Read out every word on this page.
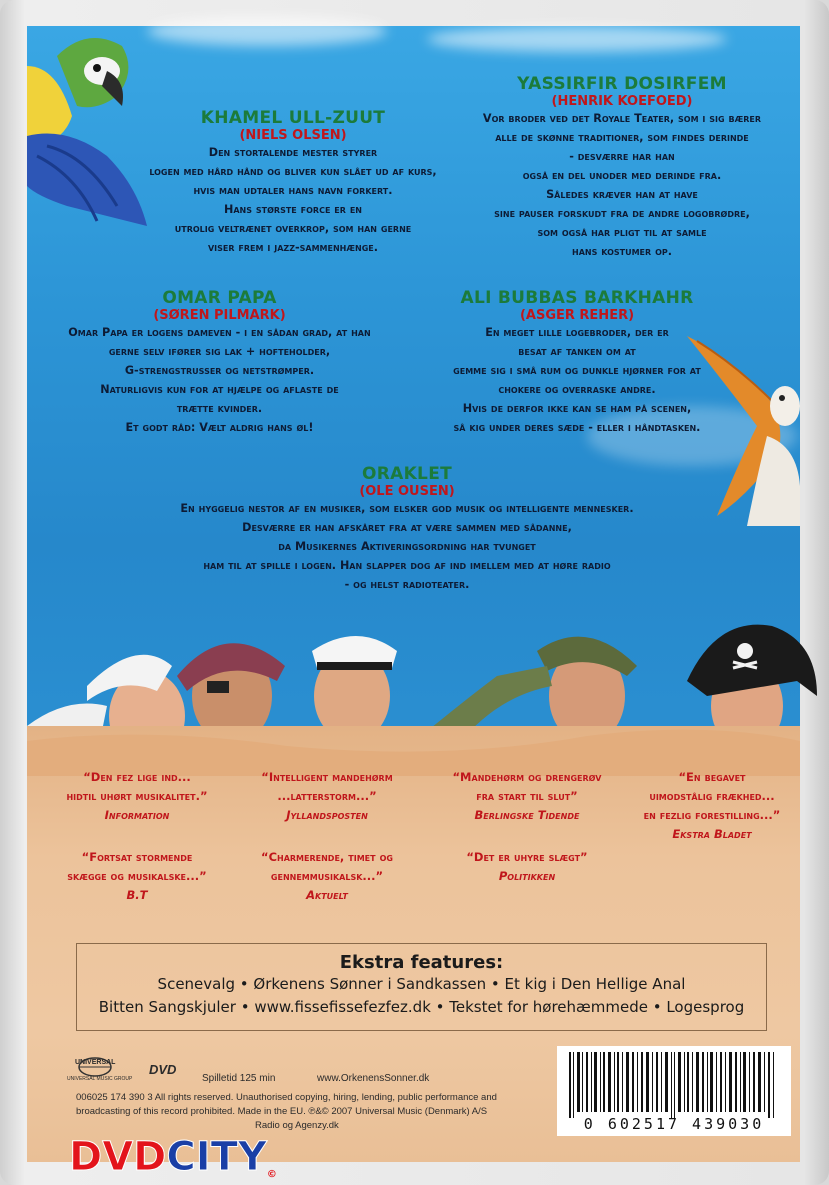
KHAMEL ULL-ZUUT
(NIELS OLSEN)
Den stortalende mester styrer
logen med hård hånd og bliver kun slået ud af kurs,
hvis man udtaler hans navn forkert.
Hans største force er en
utrolig veltrænet overkrop, som han gerne
viser frem i jazz-sammenhænge.
YASSIRFIR DOSIRFEM
(HENRIK KOEFOED)
Vor broder ved det Royale Teater, som i sig bærer
alle de skønne traditioner, som findes derinde
- desværre har han
også en del unoder med derinde fra.
Således kræver han at have
sine pauser forskudt fra de andre logobrødre,
som også har pligt til at samle
hans kostumer op.
OMAR PAPA
(SØREN PILMARK)
Omar Papa er logens dameven - i en sådan grad, at han
gerne selv ifører sig lak + hofteholder,
G-strengstrusser og netstrømper.
Naturligvis kun for at hjælpe og aflaste de
trætte kvinder.
Et godt råd: Vælt aldrig hans øl!
ALI BUBBAS BARKHAHR
(ASGER REHER)
En meget lille logebroder, der er
besat af tanken om at
gemme sig i små rum og dunkle hjørner for at
chokere og overraske andre.
Hvis de derfor ikke kan se ham på scenen,
så kig under deres sæde - eller i håndtasken.
ORAKLET
(OLE OUSEN)
En hyggelig nestor af en musiker, som elsker god musik og intelligente mennesker.
Desværre er han afskåret fra at være sammen med sådanne,
da Musikernes Aktiveringsordning har tvunget
ham til at spille i logen. Han slapper dog af ind imellem med at høre radio
- og helst radioteater.
“Den fez lige ind...
hidtil uhørt musikalitet.”
Information
“Intelligent mandehørm
...latterstorm...”
Jyllandsposten
“Mandehørm og drengerøv
fra start til slut”
Berlingske Tidende
“En begavet
uimodstålig frækhed...
en fezlig forestilling...”
Ekstra Bladet
“Fortsat stormende
skægge og musikalske...”
B.T
“Charmerende, timet og
gennemmusikalsk...”
Aktuelt
“Det er uhyre slægt”
Politikken
Ekstra features:
Scenevalg • Ørkenens Sønner i Sandkassen • Et kig i Den Hellige Anal
Bitten Sangskjuler • www.fissefissefezfez.dk • Tekstet for hørehæmmede • Logesprog
UNIVERSAL
UNIVERSAL MUSIC GROUP
DVD
Spilletid 125 min	www.OrkenensSonner.dk
006025 174 390 3 All rights reserved. Unauthorised copying, hiring, lending, public performance and
broadcasting of this record prohibited. Made in the EU. ℗&© 2007 Universal Music (Denmark) A/S
Radio og Agenzy.dk	0 602517 439030
DVDCITY©
